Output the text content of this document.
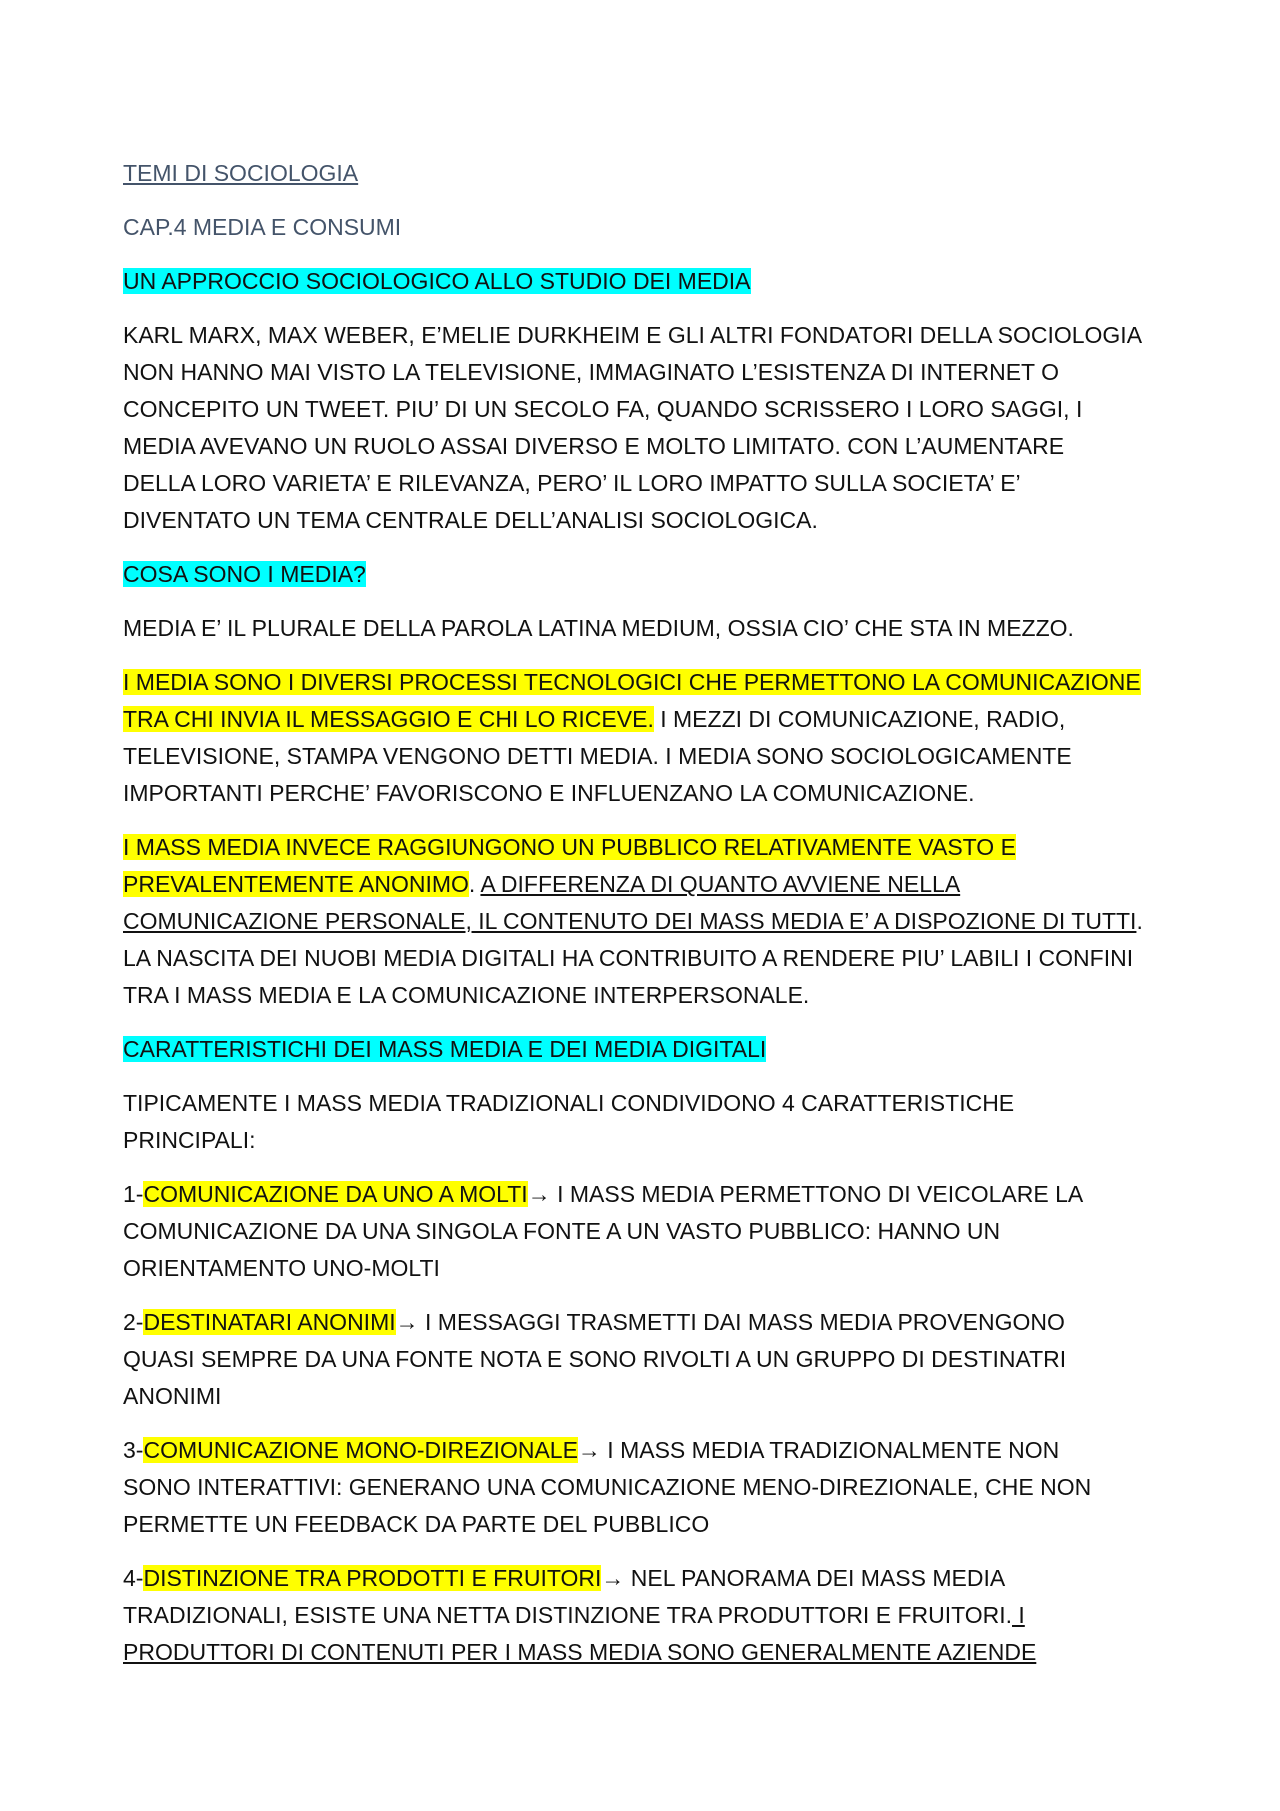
TEMI DI SOCIOLOGIA
CAP.4 MEDIA E CONSUMI
UN APPROCCIO SOCIOLOGICO ALLO STUDIO DEI MEDIA
KARL MARX, MAX WEBER, E’MELIE DURKHEIM E GLI ALTRI FONDATORI DELLA SOCIOLOGIA
NON HANNO MAI VISTO LA TELEVISIONE, IMMAGINATO L’ESISTENZA DI INTERNET O
CONCEPITO UN TWEET. PIU’ DI UN SECOLO FA, QUANDO SCRISSERO I LORO SAGGI, I
MEDIA AVEVANO UN RUOLO ASSAI DIVERSO E MOLTO LIMITATO. CON L’AUMENTARE
DELLA LORO VARIETA’ E RILEVANZA, PERO’ IL LORO IMPATTO SULLA SOCIETA’ E’
DIVENTATO UN TEMA CENTRALE DELL’ANALISI SOCIOLOGICA.
COSA SONO I MEDIA?
MEDIA E’ IL PLURALE DELLA PAROLA LATINA MEDIUM, OSSIA CIO’ CHE STA IN MEZZO.
I MEDIA SONO I DIVERSI PROCESSI TECNOLOGICI CHE PERMETTONO LA COMUNICAZIONE
TRA CHI INVIA IL MESSAGGIO E CHI LO RICEVE. I MEZZI DI COMUNICAZIONE, RADIO,
TELEVISIONE, STAMPA VENGONO DETTI MEDIA. I MEDIA SONO SOCIOLOGICAMENTE
IMPORTANTI PERCHE’ FAVORISCONO E INFLUENZANO LA COMUNICAZIONE.
I MASS MEDIA INVECE RAGGIUNGONO UN PUBBLICO RELATIVAMENTE VASTO E
PREVALENTEMENTE ANONIMO. A DIFFERENZA DI QUANTO AVVIENE NELLA
COMUNICAZIONE PERSONALE, IL CONTENUTO DEI MASS MEDIA E’ A DISPOZIONE DI TUTTI.
LA NASCITA DEI NUOBI MEDIA DIGITALI HA CONTRIBUITO A RENDERE PIU’ LABILI I CONFINI
TRA I MASS MEDIA E LA COMUNICAZIONE INTERPERSONALE.
CARATTERISTICHI DEI MASS MEDIA E DEI MEDIA DIGITALI
TIPICAMENTE I MASS MEDIA TRADIZIONALI CONDIVIDONO 4 CARATTERISTICHE
PRINCIPALI:
1-COMUNICAZIONE DA UNO A MOLTI→ I MASS MEDIA PERMETTONO DI VEICOLARE LA
COMUNICAZIONE DA UNA SINGOLA FONTE A UN VASTO PUBBLICO: HANNO UN
ORIENTAMENTO UNO-MOLTI
2-DESTINATARI ANONIMI→ I MESSAGGI TRASMETTI DAI MASS MEDIA PROVENGONO
QUASI SEMPRE DA UNA FONTE NOTA E SONO RIVOLTI A UN GRUPPO DI DESTINATRI
ANONIMI
3-COMUNICAZIONE MONO-DIREZIONALE→ I MASS MEDIA TRADIZIONALMENTE NON
SONO INTERATTIVI: GENERANO UNA COMUNICAZIONE MENO-DIREZIONALE, CHE NON
PERMETTE UN FEEDBACK DA PARTE DEL PUBBLICO
4-DISTINZIONE TRA PRODOTTI E FRUITORI→ NEL PANORAMA DEI MASS MEDIA
TRADIZIONALI, ESISTE UNA NETTA DISTINZIONE TRA PRODUTTORI E FRUITORI. I
PRODUTTORI DI CONTENUTI PER I MASS MEDIA SONO GENERALMENTE AZIENDE
